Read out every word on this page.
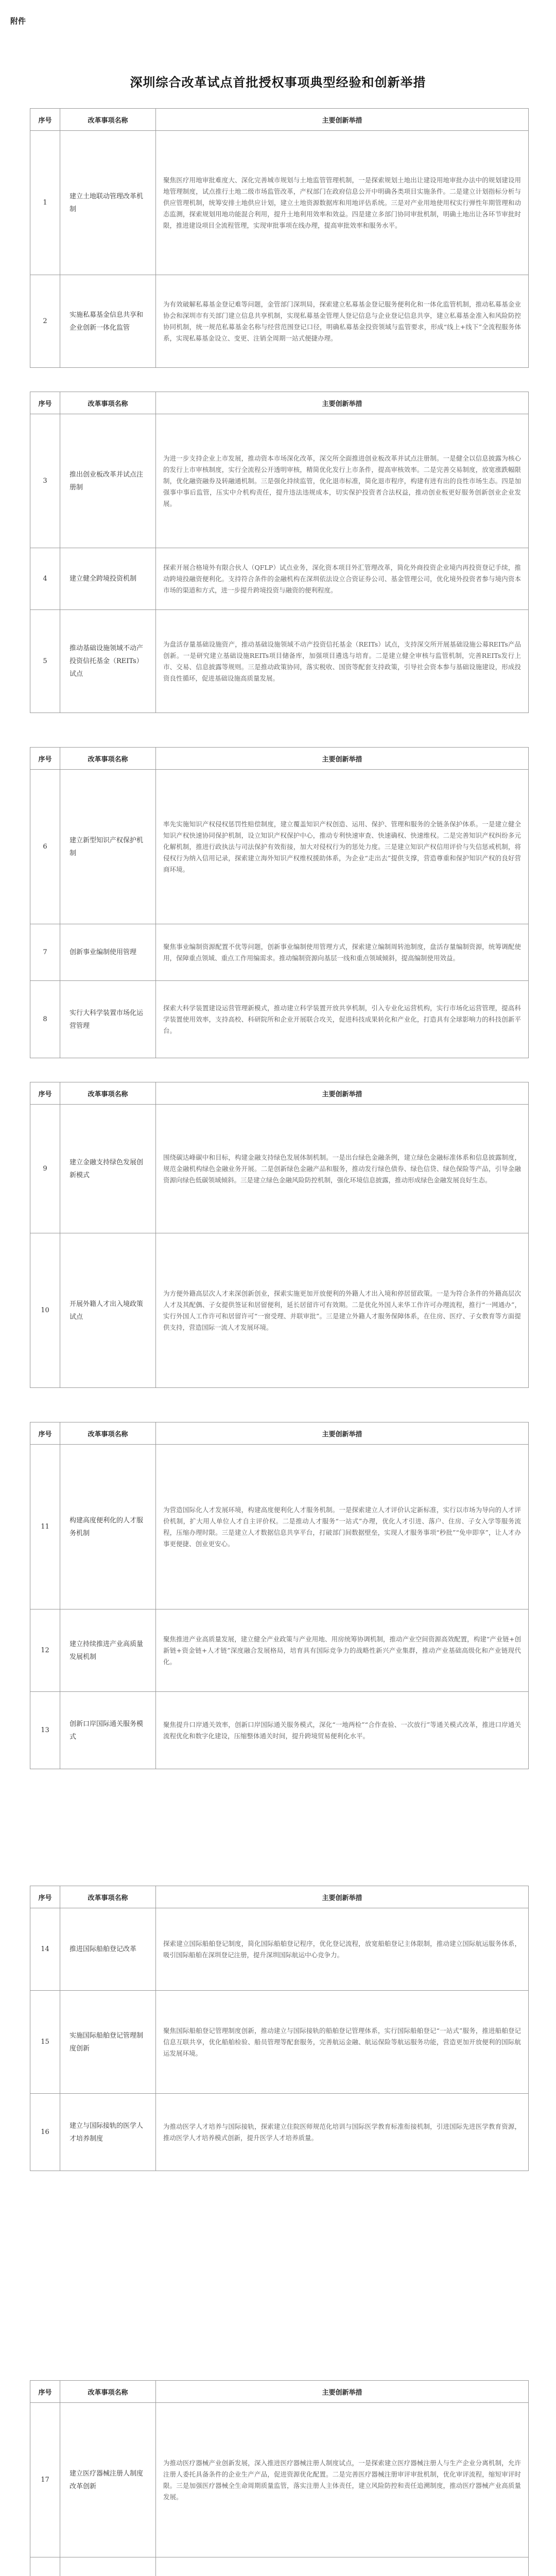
附件
深圳综合改革试点首批授权事项典型经验和创新举措
序号	改革事项名称	主要创新举措
1	建立土地联动管理改革机制	聚焦医疗用地审批难度大、深化完善城市规划与土地监管管理机制，一是探索规划土地出让建设用地审批办法中的规划建设用地管理制度，试点推行土地二级市场监管改革，产权部门在政府信息公开中明确各类项目实施条件。二是建立计划指标分析与供应管理机制，统筹安排土地供应计划，建立土地资源数据库和用地评估系统。三是对产业用地使用权实行弹性年期管理和动态监测，探索规划用地功能混合利用，提升土地利用效率和效益。四是建立多部门协同审批机制，明确土地出让各环节审批时限，推进建设项目全流程管理，实现审批事项在线办理，提高审批效率和服务水平。
2	实施私募基金信息共享和企业创新一体化监管	为有效破解私募基金登记难等问题，金管部门深圳局，探索建立私募基金登记服务便利化和一体化监管机制，推动私募基金业协会和深圳市有关部门建立信息共享机制，实现私募基金管理人登记信息与企业登记信息共享，建立私募基金准入和风险防控协同机制，统一规范私募基金名称与经营范围登记口径，明确私募基金投资领域与监管要求，形成“线上+线下”全流程服务体系，实现私募基金设立、变更、注销全周期一站式便捷办理。
序号	改革事项名称	主要创新举措
3	推出创业板改革并试点注册制	为进一步支持企业上市发展，推动资本市场深化改革，深交所全面推进创业板改革并试点注册制。一是健全以信息披露为核心的发行上市审核制度，实行全流程公开透明审核，精简优化发行上市条件，提高审核效率。二是完善交易制度，放宽涨跌幅限制，优化融资融券及转融通机制。三是强化持续监管，优化退市标准，简化退市程序，构建有进有出的良性市场生态。四是加强事中事后监管，压实中介机构责任，提升违法违规成本，切实保护投资者合法权益，推动创业板更好服务创新创业企业发展。
4	建立健全跨境投资机制	探索开展合格境外有限合伙人（QFLP）试点业务，深化资本项目外汇管理改革，简化外商投资企业境内再投资登记手续，推动跨境投融资便利化。支持符合条件的金融机构在深圳依法设立合资证券公司、基金管理公司，优化境外投资者参与境内资本市场的渠道和方式，进一步提升跨境投资与融资的便利程度。
5	推动基础设施领域不动产投资信托基金（REITs）试点	为盘活存量基础设施资产，推动基础设施领域不动产投资信托基金（REITs）试点，支持深交所开展基础设施公募REITs产品创新。一是研究建立基础设施REITs项目储备库，加强项目遴选与培育。二是建立健全审核与监管机制，完善REITs发行上市、交易、信息披露等规则。三是推动政策协同，落实税收、国资等配套支持政策，引导社会资本参与基础设施建设，形成投资良性循环，促进基础设施高质量发展。
序号	改革事项名称	主要创新举措
6	建立新型知识产权保护机制	率先实施知识产权侵权惩罚性赔偿制度，建立覆盖知识产权创造、运用、保护、管理和服务的全链条保护体系。一是建立健全知识产权快速协同保护机制，设立知识产权保护中心，推动专利快速审查、快速确权、快速维权。二是完善知识产权纠纷多元化解机制，推进行政执法与司法保护有效衔接，加大对侵权行为的惩处力度。三是建立知识产权信用评价与失信惩戒机制，将侵权行为纳入信用记录，探索建立海外知识产权维权援助体系，为企业“走出去”提供支撑，营造尊重和保护知识产权的良好营商环境。
7	创新事业编制使用管理	聚焦事业编制资源配置不优等问题，创新事业编制使用管理方式，探索建立编制周转池制度，盘活存量编制资源，统筹调配使用，保障重点领域、重点工作用编需求。推动编制资源向基层一线和重点领域倾斜，提高编制使用效益。
8	实行大科学装置市场化运营管理	探索大科学装置建设运营管理新模式，推动建立科学装置开放共享机制，引入专业化运营机构，实行市场化运营管理，提高科学装置使用效率，支持高校、科研院所和企业开展联合攻关，促进科技成果转化和产业化，打造具有全球影响力的科技创新平台。
序号	改革事项名称	主要创新举措
9	建立金融支持绿色发展创新模式	围绕碳达峰碳中和目标，构建金融支持绿色发展体制机制。一是出台绿色金融条例，建立绿色金融标准体系和信息披露制度，规范金融机构绿色金融业务开展。二是创新绿色金融产品和服务，推动发行绿色债券、绿色信贷、绿色保险等产品，引导金融资源向绿色低碳领域倾斜。三是建立绿色金融风险防控机制，强化环境信息披露，推动形成绿色金融发展良好生态。
10	开展外籍人才出入境政策试点	为方便外籍高层次人才来深创新创业，探索实施更加开放便利的外籍人才出入境和停居留政策。一是为符合条件的外籍高层次人才及其配偶、子女提供签证和居留便利，延长居留许可有效期。二是优化外国人来华工作许可办理流程，推行“一网通办”，实行外国人工作许可和居留许可“一窗受理、并联审批”。三是建立外籍人才服务保障体系，在住房、医疗、子女教育等方面提供支持，营造国际一流人才发展环境。
序号	改革事项名称	主要创新举措
11	构建高度便利化的人才服务机制	为营造国际化人才发展环境，构建高度便利化人才服务机制。一是探索建立人才评价认定新标准，实行以市场为导向的人才评价机制，扩大用人单位人才自主评价权。二是推动人才服务“一站式”办理，优化人才引进、落户、住房、子女入学等服务流程，压缩办理时限。三是建立人才数据信息共享平台，打破部门间数据壁垒，实现人才服务事项“秒批”“免申即享”，让人才办事更便捷、创业更安心。
12	建立持续推进产业高质量发展机制	聚焦推进产业高质量发展，建立健全产业政策与产业用地、用房统筹协调机制，推动产业空间资源高效配置，构建“产业链+创新链+资金链+人才链”深度融合发展格局，培育具有国际竞争力的战略性新兴产业集群，推动产业基础高级化和产业链现代化。
13	创新口岸国际通关服务模式	聚焦提升口岸通关效率，创新口岸国际通关服务模式，深化“一地两检”“合作查验、一次放行”等通关模式改革，推进口岸通关流程优化和数字化建设，压缩整体通关时间，提升跨境贸易便利化水平。
序号	改革事项名称	主要创新举措
14	推进国际船舶登记改革	探索建立国际船舶登记制度，简化国际船舶登记程序，优化登记流程，放宽船舶登记主体限制，推动建立国际航运服务体系，吸引国际船舶在深圳登记注册，提升深圳国际航运中心竞争力。
15	实施国际船舶登记管理制度创新	聚焦国际船舶登记管理制度创新，推动建立与国际接轨的船舶登记管理体系，实行国际船舶登记“一站式”服务，推进船舶登记信息互联共享，优化船舶检验、船员管理等配套服务，完善航运金融、航运保险等航运服务功能，营造更加开放便利的国际航运发展环境。
16	建立与国际接轨的医学人才培养制度	为推动医学人才培养与国际接轨，探索建立住院医师规范化培训与国际医学教育标准衔接机制，引进国际先进医学教育资源，推动医学人才培养模式创新，提升医学人才培养质量。
序号	改革事项名称	主要创新举措
17	建立医疗器械注册人制度改革创新	为推动医疗器械产业创新发展，深入推进医疗器械注册人制度试点，一是探索建立医疗器械注册人与生产企业分离机制，允许注册人委托具备条件的企业生产产品，促进资源优化配置。二是完善医疗器械注册审评审批机制，优化审评流程，缩短审评时限。三是加强医疗器械全生命周期质量监管，落实注册人主体责任，建立风险防控和责任追溯制度，推动医疗器械产业高质量发展。
